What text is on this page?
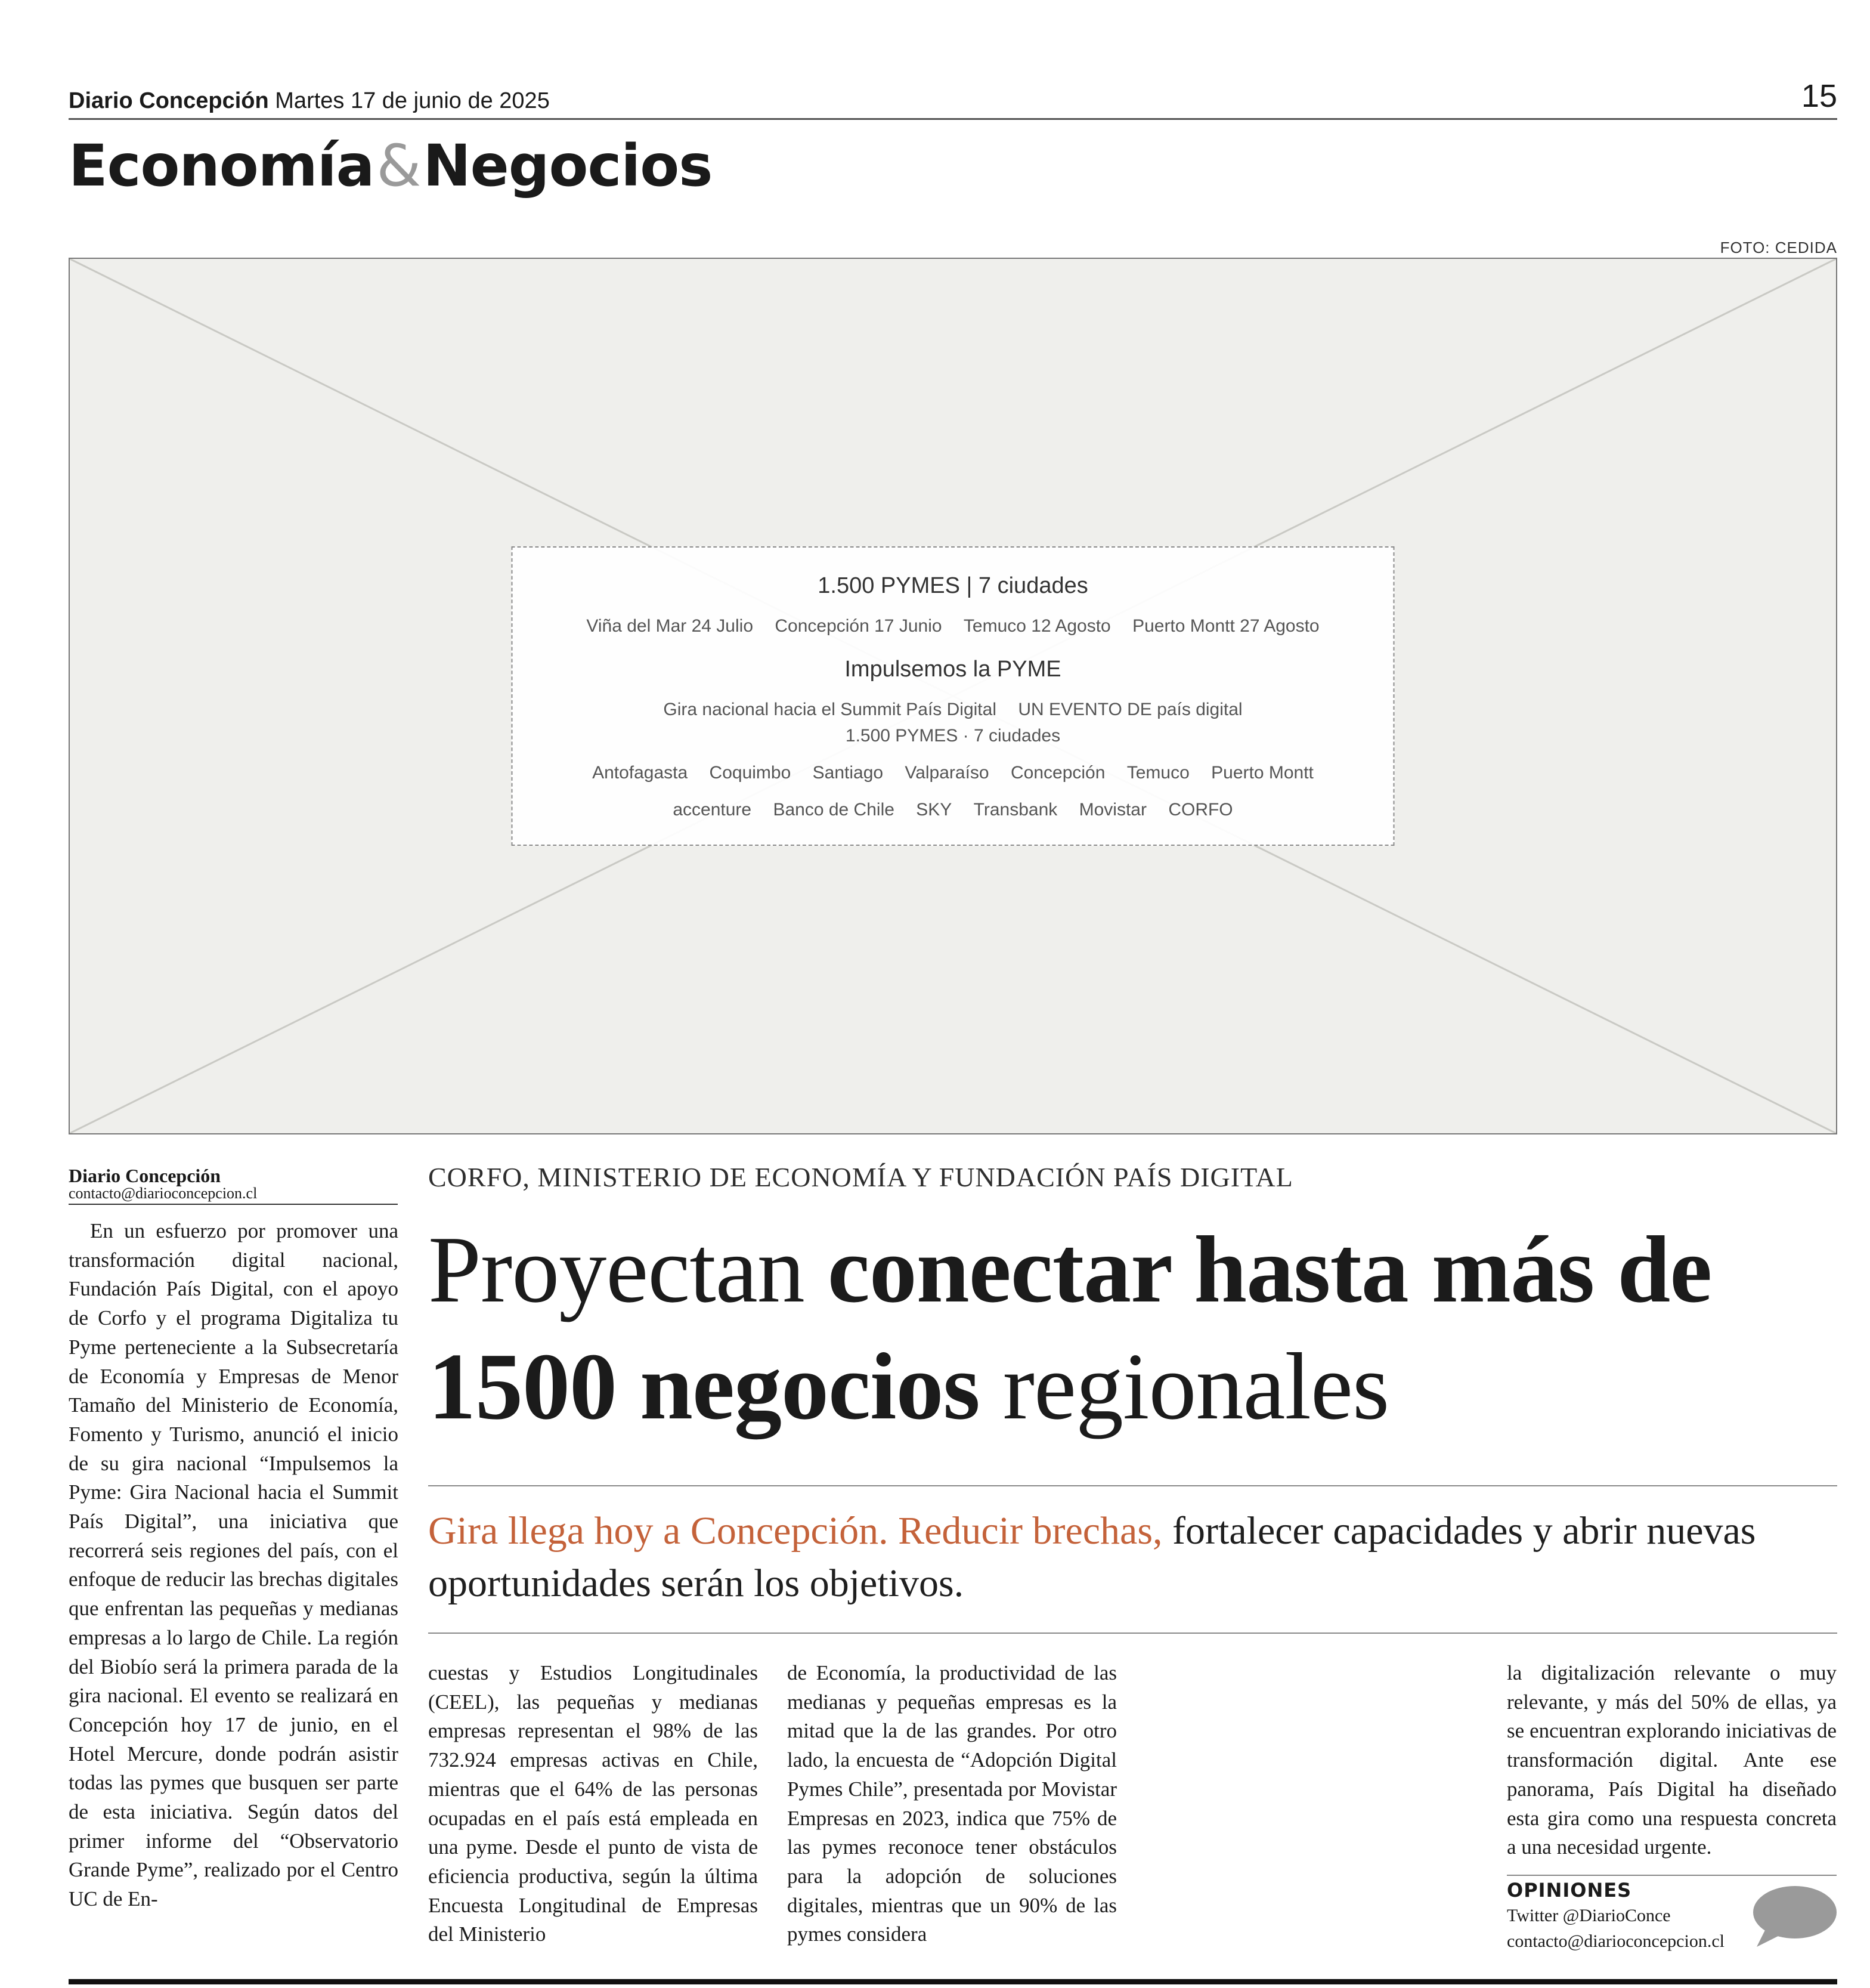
Diario Concepción Martes 17 de junio de 2025	15
Economía&Negocios
FOTO: CEDIDA
1.500 PYMES | 7 ciudades
Viña del Mar 24 Julio Concepción 17 Junio Temuco 12 Agosto Puerto Montt 27 Agosto
Impulsemos la PYME
Gira nacional hacia el Summit País Digital UN EVENTO DE país digital 1.500 PYMES · 7 ciudades
Antofagasta Coquimbo Santiago Valparaíso Concepción Temuco Puerto Montt
accenture Banco de Chile SKY Transbank Movistar CORFO
Diario Concepción
contacto@diarioconcepcion.cl
CORFO, MINISTERIO DE ECONOMÍA Y FUNDACIÓN PAÍS DIGITAL
Proyectan conectar hasta más de 1500 negocios regionales
Gira llega hoy a Concepción. Reducir brechas, fortalecer capacidades y abrir nuevas oportunidades serán los objetivos.

En un esfuerzo por promover una transformación digital nacional, Fundación País Digital, con el apoyo de Corfo y el programa Digitaliza tu Pyme perteneciente a la Subsecretaría de Economía y Empresas de Menor Tamaño del Ministerio de Economía, Fomento y Turismo, anunció el inicio de su gira nacional “Impulsemos la Pyme: Gira Nacional hacia el Summit País Digital”, una iniciativa que recorrerá seis regiones del país, con el enfoque de reducir las brechas digitales que enfrentan las pequeñas y medianas empresas a lo largo de Chile. La región del Biobío será la primera parada de la gira nacional. El evento se realizará en Concepción hoy 17 de junio, en el Hotel Mercure, donde podrán asistir todas las pymes que busquen ser parte de esta iniciativa. Según datos del primer informe del “Observatorio Grande Pyme”, realizado por el Centro UC de En-

cuestas y Estudios Longitudinales (CEEL), las pequeñas y medianas empresas representan el 98% de las 732.924 empresas activas en Chile, mientras que el 64% de las personas ocupadas en el país está empleada en una pyme. Desde el punto de vista de eficiencia productiva, según la última Encuesta Longitudinal de Empresas del Ministerio

de Economía, la productividad de las medianas y pequeñas empresas es la mitad que la de las grandes. Por otro lado, la encuesta de “Adopción Digital Pymes Chile”, presentada por Movistar Empresas en 2023, indica que 75% de las pymes reconoce tener obstáculos para la adopción de soluciones digitales, mientras que un 90% de las pymes considera

la digitalización relevante o muy relevante, y más del 50% de ellas, ya se encuentran explorando iniciativas de transformación digital. Ante ese panorama, País Digital ha diseñado esta gira como una respuesta concreta a una necesidad urgente.

OPINIONES
Twitter @DiarioConce
contacto@diarioconcepcion.cl
